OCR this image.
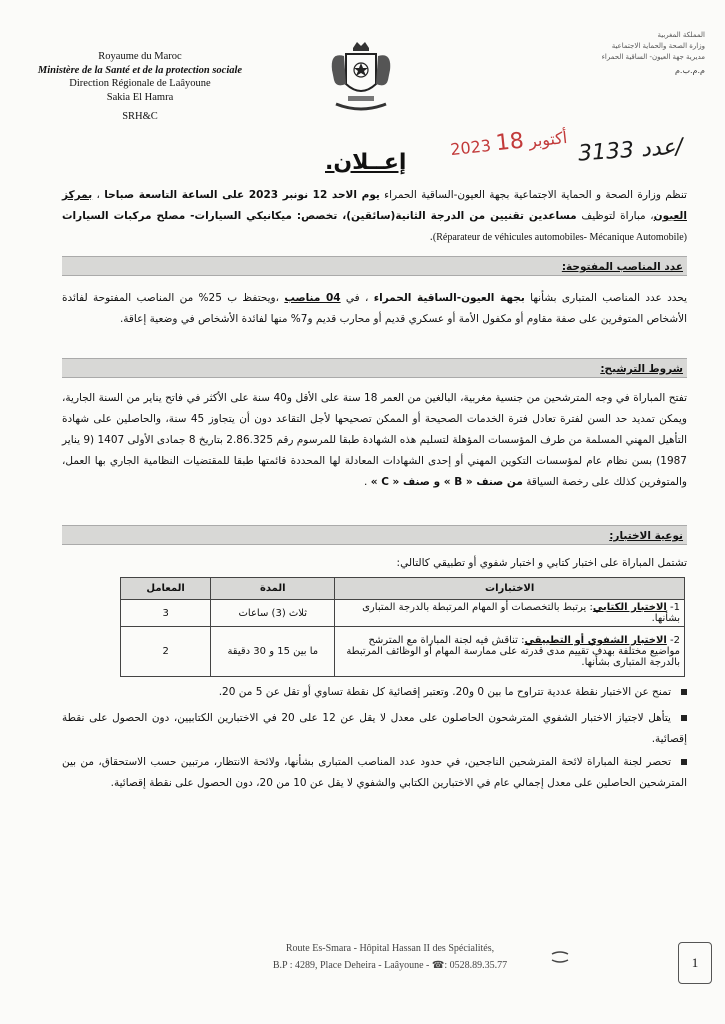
Royaume du Maroc
Ministère de la Santé et de la protection sociale
Direction Régionale de Laâyoune
Sakia El Hamra
SRH&C
المملكة المغربية
وزارة الصحة والحماية الاجتماعية
مديرية جهة العيون- الساقية الحمراء
م.م.ب.م
2023 أكتوبر 18	عدد 3133/
إعــلان.
تنظم وزارة الصحة و الحماية الاجتماعية بجهة العيون-الساقية الحمراء يوم الاحد 12 نونبر 2023 على الساعة التاسعة صباحا ، بمركز العيون، مباراة لتوظيف مساعدين تقنيين من الدرجة الثانية(سائقين)، تخصص: ميكانيكي السيارات- مصلح مركبات السيارات (Réparateur de véhicules automobiles- Mécanique Automobile).
عدد المناصب المفتوحة:
يحدد عدد المناصب المتبارى بشأنها بجهة العيون-الساقية الحمراء ، في 04 مناصب ،ويحتفظ ب 25% من المناصب المفتوحة لفائدة الأشخاص المتوفرين على صفة مقاوم أو مكفول الأمة أو عسكري قديم أو محارب قديم و7% منها لفائدة الأشخاص في وضعية إعاقة.
شروط الترشيح:
تفتح المباراة في وجه المترشحين من جنسية مغربية، البالغين من العمر 18 سنة على الأقل و40 سنة على الأكثر في فاتح يناير من السنة الجارية، ويمكن تمديد حد السن لفترة تعادل فترة الخدمات الصحيحة أو الممكن تصحيحها لأجل التقاعد دون أن يتجاوز 45 سنة، والحاصلين على شهادة التأهيل المهني المسلمة من طرف المؤسسات المؤهلة لتسليم هذه الشهادة طبقا للمرسوم رقم 2.86.325 بتاريخ 8 جمادى الأولى 1407 (9 يناير 1987) بسن نظام عام لمؤسسات التكوين المهني أو إحدى الشهادات المعادلة لها المحددة قائمتها طبقا للمقتضيات النظامية الجاري بها العمل، والمتوفرين كذلك على رخصة السياقة من صنف « B » و صنف « C » .
نوعية الاختبار:
تشتمل المباراة على اختبار كتابي و اختبار شفوي أو تطبيقي كالتالي:
الاختبارات	المدة	المعامل
1- الاختبار الكتابي: يرتبط بالتخصصات أو المهام المرتبطة بالدرجة المتبارى بشأنها.	ثلاث (3) ساعات	3
2- الاختبار الشفوي أو التطبيقي: تناقش فيه لجنة المباراة مع المترشح مواضيع مختلفة بهدف تقييم مدى قدرته على ممارسة المهام أو الوظائف المرتبطة بالدرجة المتبارى بشأنها.	ما بين 15 و 30 دقيقة	2
تمنح عن الاختبار نقطة عددية تتراوح ما بين 0 و20. وتعتبر إقصائية كل نقطة تساوي أو تقل عن 5 من 20.
يتأهل لاجتياز الاختبار الشفوي المترشحون الحاصلون على معدل لا يقل عن 12 على 20 في الاختبارين الكتابيين، دون الحصول على نقطة إقصائية.
تحصر لجنة المباراة لائحة المترشحين الناجحين، في حدود عدد المناصب المتبارى بشأنها، ولائحة الانتظار، مرتبين حسب الاستحقاق، من بين المترشحين الحاصلين على معدل إجمالي عام في الاختبارين الكتابي والشفوي لا يقل عن 10 من 20، دون الحصول على نقطة إقصائية.
Route Es-Smara - Hôpital Hassan II des Spécialités,
B.P : 4289, Place Deheira - Laâyoune - ☎: 0528.89.35.77	1
